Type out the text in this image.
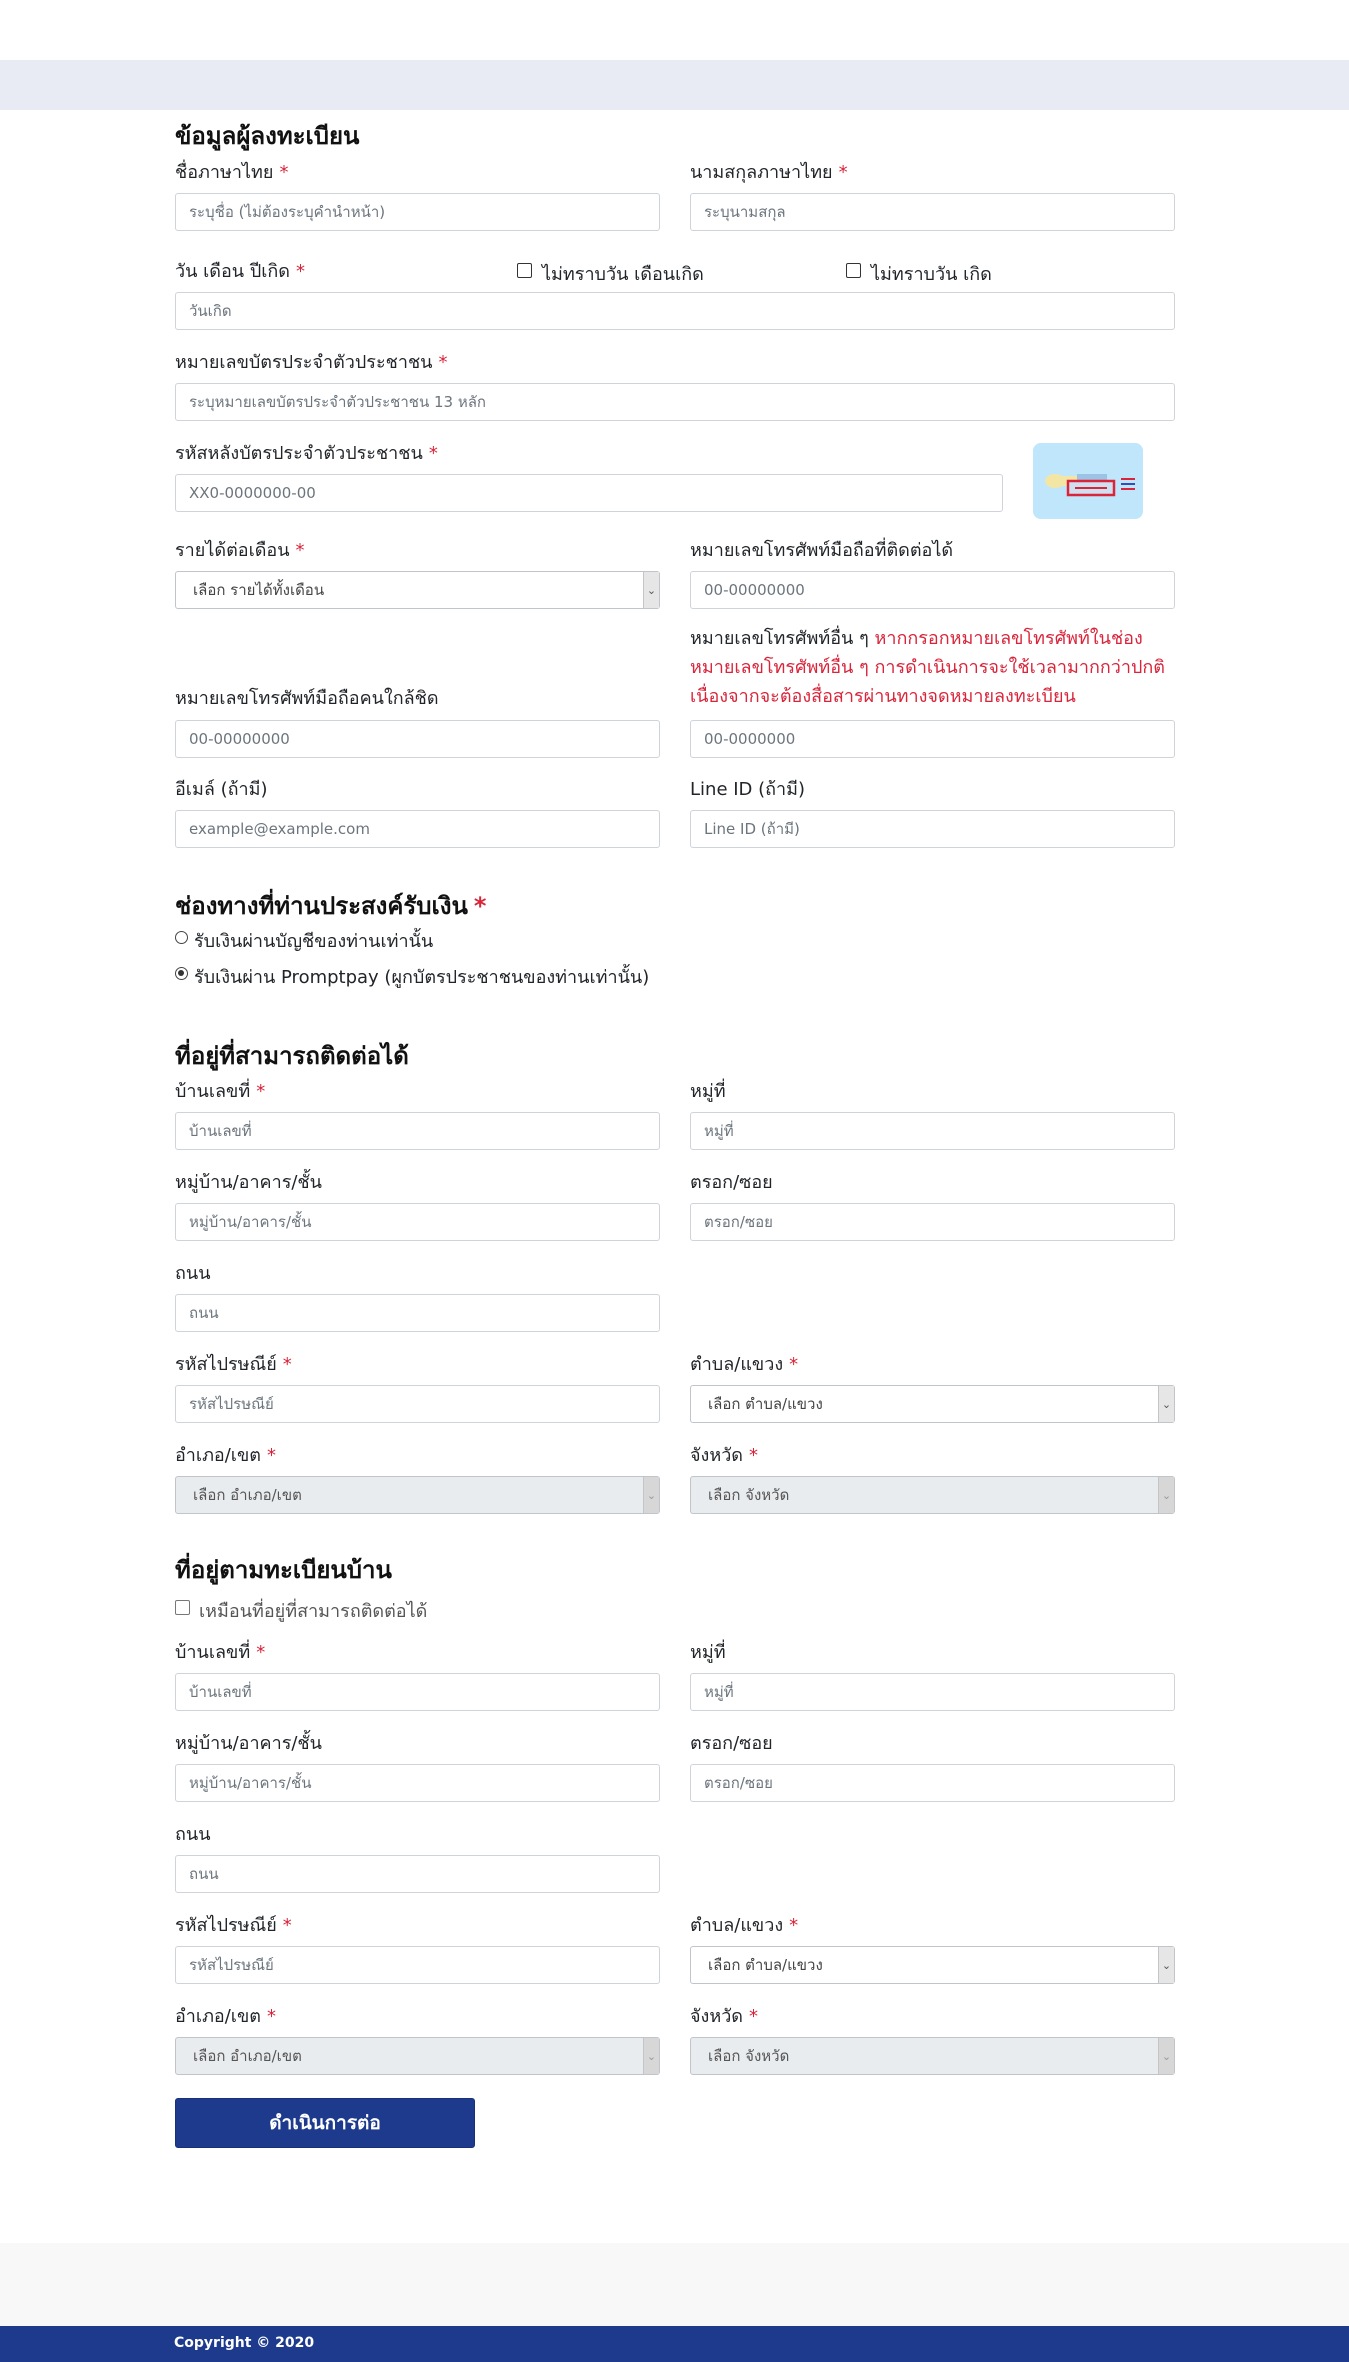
ข้อมูลผู้ลงทะเบียน
ชื่อภาษาไทย *
ระบุชื่อ (ไม่ต้องระบุคำนำหน้า)
นามสกุลภาษาไทย *
ระบุนามสกุล
วัน เดือน ปีเกิด *	ไม่ทราบวัน เดือนเกิด	ไม่ทราบวัน เกิด
วันเกิด
หมายเลขบัตรประจำตัวประชาชน *
ระบุหมายเลขบัตรประจำตัวประชาชน 13 หลัก
รหัสหลังบัตรประจำตัวประชาชน *
XX0-0000000-00
รายได้ต่อเดือน *
เลือก รายได้ทั้งเดือน	⌄
หมายเลขโทรศัพท์มือถือที่ติดต่อได้
00-00000000
หมายเลขโทรศัพท์อื่น ๆ หากกรอกหมายเลขโทรศัพท์ในช่อง
หมายเลขโทรศัพท์อื่น ๆ การดำเนินการจะใช้เวลามากกว่าปกติ
เนื่องจากจะต้องสื่อสารผ่านทางจดหมายลงทะเบียน
หมายเลขโทรศัพท์มือถือคนใกล้ชิด
00-00000000	00-0000000
อีเมล์ (ถ้ามี)
example@example.com
Line ID (ถ้ามี)
Line ID (ถ้ามี)
ช่องทางที่ท่านประสงค์รับเงิน *
รับเงินผ่านบัญชีของท่านเท่านั้น
รับเงินผ่าน Promptpay (ผูกบัตรประชาชนของท่านเท่านั้น)
ที่อยู่ที่สามารถติดต่อได้
บ้านเลขที่ *
บ้านเลขที่
หมู่ที่
หมู่ที่
หมู่บ้าน/อาคาร/ชั้น
หมู่บ้าน/อาคาร/ชั้น
ตรอก/ซอย
ตรอก/ซอย
ถนน
ถนน
รหัสไปรษณีย์ *
รหัสไปรษณีย์
ตำบล/แขวง *
เลือก ตำบล/แขวง	⌄
อำเภอ/เขต *
เลือก อำเภอ/เขต	⌄
จังหวัด *
เลือก จังหวัด	⌄
ที่อยู่ตามทะเบียนบ้าน
เหมือนที่อยู่ที่สามารถติดต่อได้
บ้านเลขที่ *
บ้านเลขที่
หมู่ที่
หมู่ที่
หมู่บ้าน/อาคาร/ชั้น
หมู่บ้าน/อาคาร/ชั้น
ตรอก/ซอย
ตรอก/ซอย
ถนน
ถนน
รหัสไปรษณีย์ *
รหัสไปรษณีย์
ตำบล/แขวง *
เลือก ตำบล/แขวง	⌄
อำเภอ/เขต *
เลือก อำเภอ/เขต	⌄
จังหวัด *
เลือก จังหวัด	⌄
ดำเนินการต่อ
Copyright © 2020
